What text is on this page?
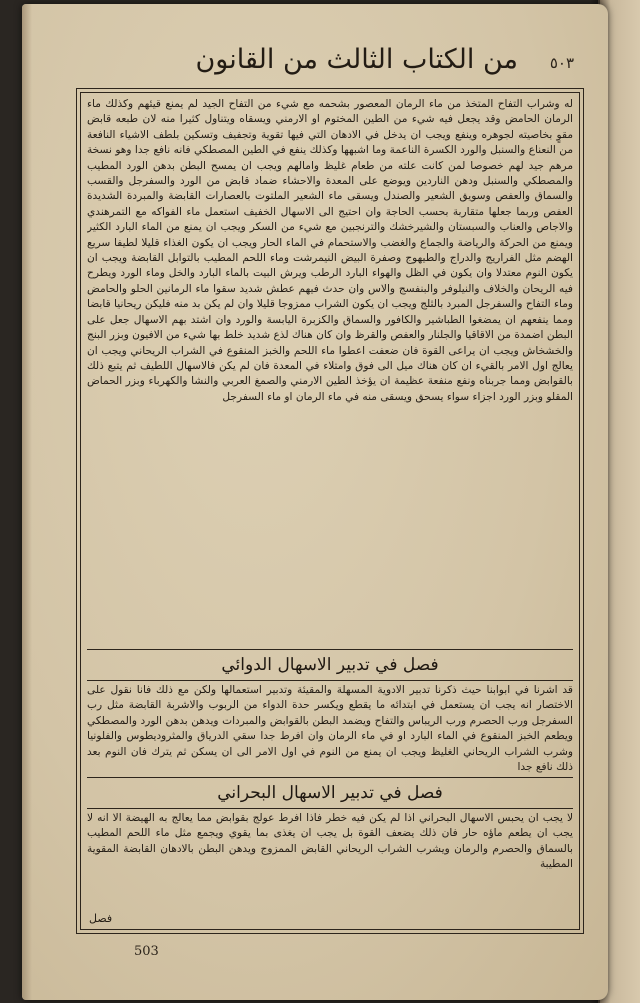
من الكتاب الثالث من القانون ٥٠٣

له وشراب التفاح المتخذ من ماء الرمان المعصور بشحمه مع شيء من التفاح الجيد لم يمنع قيئهم وكذلك ماء الرمان الحامض وقد يجعل فيه شيء من الطين المختوم او الارمني ويسقاه ويتناول كثيرا منه لان طبعه قابض مقوٍ بخاصيته لجوهره وينفع ويجب ان يدخل في الادهان التي فيها تقوية وتجفيف وتسكين بلطف الاشياء النافعة من النعناع والسنبل والورد الكسرة الناعمة وما اشبهها وكذلك ينفع في الطين المصطكي فانه نافع جدا وهو نسخة مرهم جيد لهم خصوصا لمن كانت علته من طعام غليظ وامالهم ويجب ان يمسح البطن بدهن الورد المطيب والمصطكي والسنبل ودهن الناردين ويوضع على المعدة والاحشاء ضماد قابض من الورد والسفرجل والقسب والسماق والعفص وسويق الشعير والصندل ويسقى ماء الشعير الملتوت بالعصارات القابضة والمبردة الشديدة العفص وربما جعلها متقاربة بحسب الحاجة وان احتيج الى الاسهال الخفيف استعمل ماء الفواكه مع التمرهندي والاجاص والعناب والسبستان والشيرخشك والترنجبين مع شيء من السكر ويجب ان يمنع من الماء البارد الكثير ويمنع من الحركة والرياضة والجماع والغضب والاستحمام في الماء الحار ويجب ان يكون الغذاء قليلا لطيفا سريع الهضم مثل الفراريج والدراج والطيهوج وصفرة البيض النيمرشت وماء اللحم المطيب بالتوابل القابضة ويجب ان يكون النوم معتدلا وان يكون في الظل والهواء البارد الرطب ويرش البيت بالماء البارد والخل وماء الورد ويطرح فيه الريحان والخلاف والنيلوفر والبنفسج والاس وان حدث فيهم عطش شديد سقوا ماء الرمانين الحلو والحامض وماء التفاح والسفرجل المبرد بالثلج ويجب ان يكون الشراب ممزوجا قليلا وان لم يكن بد منه فليكن ريحانيا قابضا ومما ينفعهم ان يمضغوا الطباشير والكافور والسماق والكزبرة اليابسة والورد وان اشتد بهم الاسهال جعل على البطن اضمدة من الاقاقيا والجلنار والعفص والقرظ وان كان هناك لذع شديد خلط بها شيء من الافيون وبزر البنج والخشخاش ويجب ان يراعى القوة فان ضعفت اعطوا ماء اللحم والخبز المنقوع في الشراب الريحاني ويجب ان يعالج اول الامر بالقيء ان كان هناك ميل الى فوق وامتلاء في المعدة فان لم يكن فالاسهال اللطيف ثم يتبع ذلك بالقوابض ومما جربناه ونفع منفعة عظيمة ان يؤخذ الطين الارمني والصمغ العربي والنشا والكهرباء وبزر الحماض المقلو وبزر الورد اجزاء سواء يسحق ويسقى منه في ماء الرمان او ماء السفرجل

فصل في تدبير الاسهال الدوائي

قد اشرنا في ابوابنا حيث ذكرنا تدبير الادوية المسهلة والمقيئة وتدبير استعمالها ولكن مع ذلك فانا نقول على الاختصار انه يجب ان يستعمل في ابتدائه ما يقطع ويكسر حدة الدواء من الربوب والاشربة القابضة مثل رب السفرجل ورب الحصرم ورب الريباس والتفاح ويضمد البطن بالقوابض والمبردات ويدهن بدهن الورد والمصطكي ويطعم الخبز المنقوع في الماء البارد او في ماء الرمان وان افرط جدا سقي الدرياق والمثروديطوس والفلونيا وشرب الشراب الريحاني الغليظ ويجب ان يمنع من النوم في اول الامر الى ان يسكن ثم يترك فان النوم بعد ذلك نافع جدا

فصل في تدبير الاسهال البحراني

لا يجب ان يحبس الاسهال البحراني اذا لم يكن فيه خطر فاذا افرط عولج بقوابض مما يعالج به الهيضة الا انه لا يجب ان يطعم ماؤه حار فان ذلك يضعف القوة بل يجب ان يغذى بما يقوي ويجمع مثل ماء اللحم المطيب بالسماق والحصرم والرمان ويشرب الشراب الريحاني القابض الممزوج ويدهن البطن بالادهان القابضة المقوية المطيبة

فصل
503
